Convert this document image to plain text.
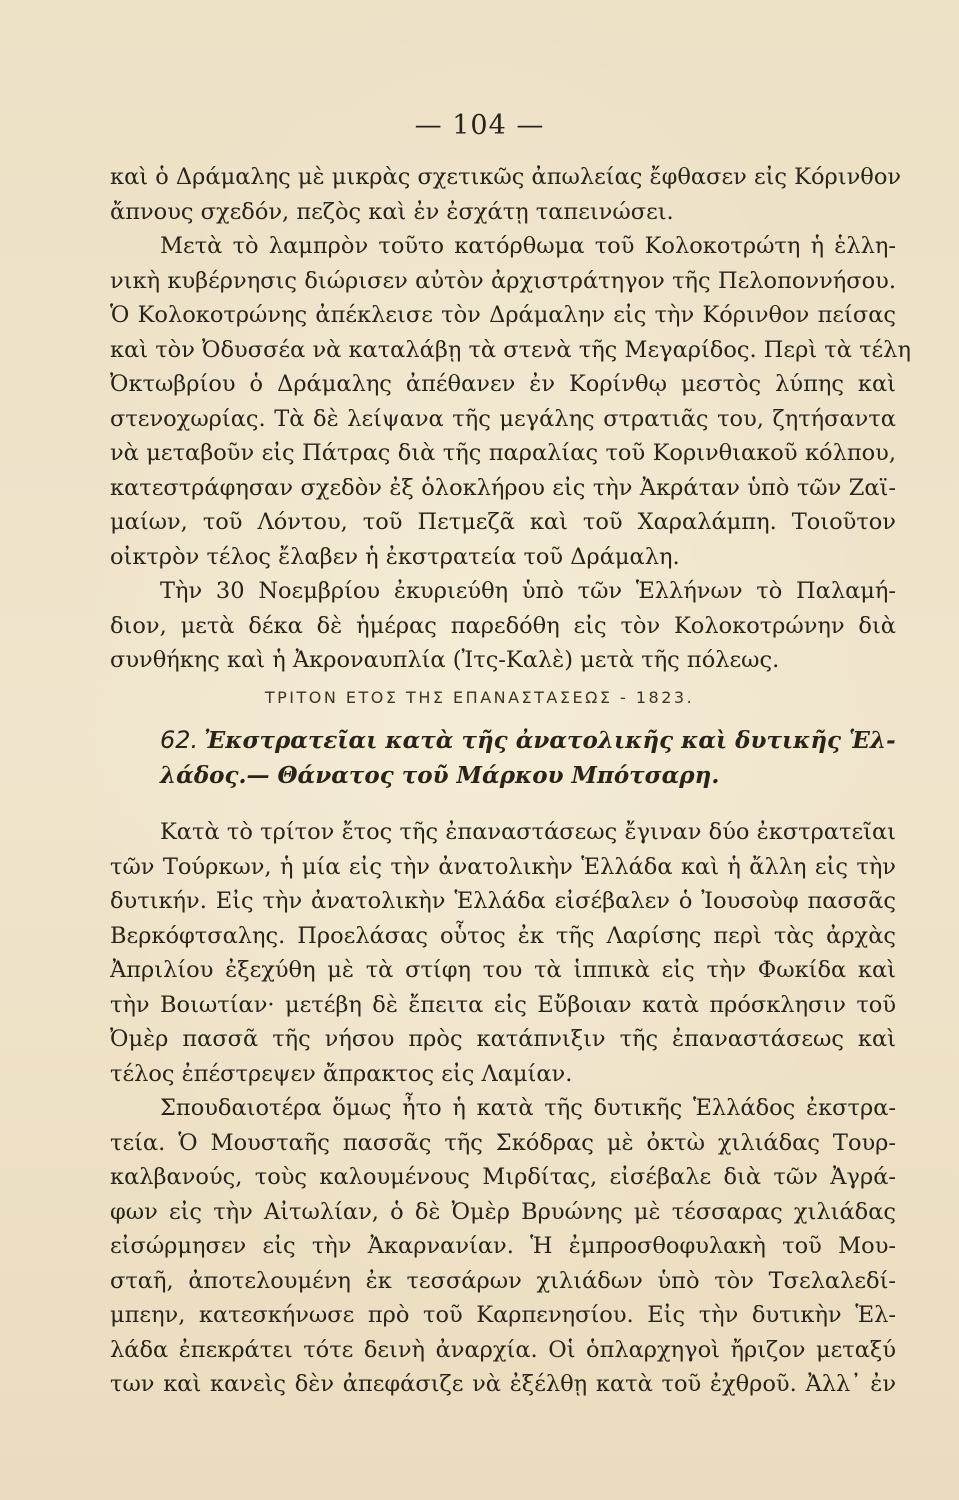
— 104 —
καὶ ὁ Δράμαλης μὲ μικρὰς σχετικῶς ἀπωλείας ἔφθασεν εἰς Κόρινθον
ἄπνους σχεδόν, πεζὸς καὶ ἐν ἐσχάτῃ ταπεινώσει.
Μετὰ τὸ λαμπρὸν τοῦτο κατόρθωμα τοῦ Κολοκοτρώτη ἡ ἑλλη-
νικὴ κυβέρνησις διώρισεν αὐτὸν ἀρχιστράτηγον τῆς Πελοποννήσου.
Ὁ Κολοκοτρώνης ἀπέκλεισε τὸν Δράμαλην εἰς τὴν Κόρινθον πείσας
καὶ τὸν Ὀδυσσέα νὰ καταλάβῃ τὰ στενὰ τῆς Μεγαρίδος. Περὶ τὰ τέλη
Ὀκτωβρίου ὁ Δράμαλης ἀπέθανεν ἐν Κορίνθῳ μεστὸς λύπης καὶ
στενοχωρίας. Τὰ δὲ λείψανα τῆς μεγάλης στρατιᾶς του, ζητήσαντα
νὰ μεταβοῦν εἰς Πάτρας διὰ τῆς παραλίας τοῦ Κορινθιακοῦ κόλπου,
κατεστράφησαν σχεδὸν ἐξ ὁλοκλήρου εἰς τὴν Ἀκράταν ὑπὸ τῶν Ζαϊ-
μαίων, τοῦ Λόντου, τοῦ Πετμεζᾶ καὶ τοῦ Χαραλάμπη. Τοιοῦτον
οἰκτρὸν τέλος ἔλαβεν ἡ ἐκστρατεία τοῦ Δράμαλη.
Τὴν 30 Νοεμβρίου ἐκυριεύθη ὑπὸ τῶν Ἑλλήνων τὸ Παλαμή-
διον, μετὰ δέκα δὲ ἡμέρας παρεδόθη εἰς τὸν Κολοκοτρώνην διὰ
συνθήκης καὶ ἡ Ἀκροναυπλία (Ἰτς-Καλὲ) μετὰ τῆς πόλεως.
ΤΡΙΤΟΝ ΕΤΟΣ ΤΗΣ ΕΠΑΝΑΣΤΑΣΕΩΣ - 1823.
62. Ἐκστρατεῖαι κατὰ τῆς ἀνατολικῆς καὶ δυτικῆς Ἑλ-
λάδος.— Θάνατος τοῦ Μάρκου Μπότσαρη.
Κατὰ τὸ τρίτον ἔτος τῆς ἐπαναστάσεως ἔγιναν δύο ἐκστρατεῖαι
τῶν Τούρκων, ἡ μία εἰς τὴν ἀνατολικὴν Ἑλλάδα καὶ ἡ ἄλλη εἰς τὴν
δυτικήν. Εἰς τὴν ἀνατολικὴν Ἑλλάδα εἰσέβαλεν ὁ Ἰουσοὺφ πασσᾶς
Βερκόφτσαλης. Προελάσας οὗτος ἐκ τῆς Λαρίσης περὶ τὰς ἀρχὰς
Ἀπριλίου ἐξεχύθη μὲ τὰ στίφη του τὰ ἱππικὰ εἰς τὴν Φωκίδα καὶ
τὴν Βοιωτίαν· μετέβη δὲ ἔπειτα εἰς Εὔβοιαν κατὰ πρόσκλησιν τοῦ
Ὀμὲρ πασσᾶ τῆς νήσου πρὸς κατάπνιξιν τῆς ἐπαναστάσεως καὶ
τέλος ἐπέστρεψεν ἄπρακτος εἰς Λαμίαν.
Σπουδαιοτέρα ὅμως ἦτο ἡ κατὰ τῆς δυτικῆς Ἑλλάδος ἐκστρα-
τεία. Ὁ Μουσταῆς πασσᾶς τῆς Σκόδρας μὲ ὀκτὼ χιλιάδας Τουρ-
καλβανούς, τοὺς καλουμένους Μιρδίτας, εἰσέβαλε διὰ τῶν Ἀγρά-
φων εἰς τὴν Αἰτωλίαν, ὁ δὲ Ὀμὲρ Βρυώνης μὲ τέσσαρας χιλιάδας
εἰσώρμησεν εἰς τὴν Ἀκαρνανίαν. Ἡ ἐμπροσθοφυλακὴ τοῦ Μου-
σταῆ, ἀποτελουμένη ἐκ τεσσάρων χιλιάδων ὑπὸ τὸν Τσελαλεδί-
μπεην, κατεσκήνωσε πρὸ τοῦ Καρπενησίου. Εἰς τὴν δυτικὴν Ἑλ-
λάδα ἐπεκράτει τότε δεινὴ ἀναρχία. Οἱ ὁπλαρχηγοὶ ἤριζον μεταξύ
των καὶ κανεὶς δὲν ἀπεφάσιζε νὰ ἐξέλθῃ κατὰ τοῦ ἐχθροῦ. Ἀλλ᾿ ἐν
